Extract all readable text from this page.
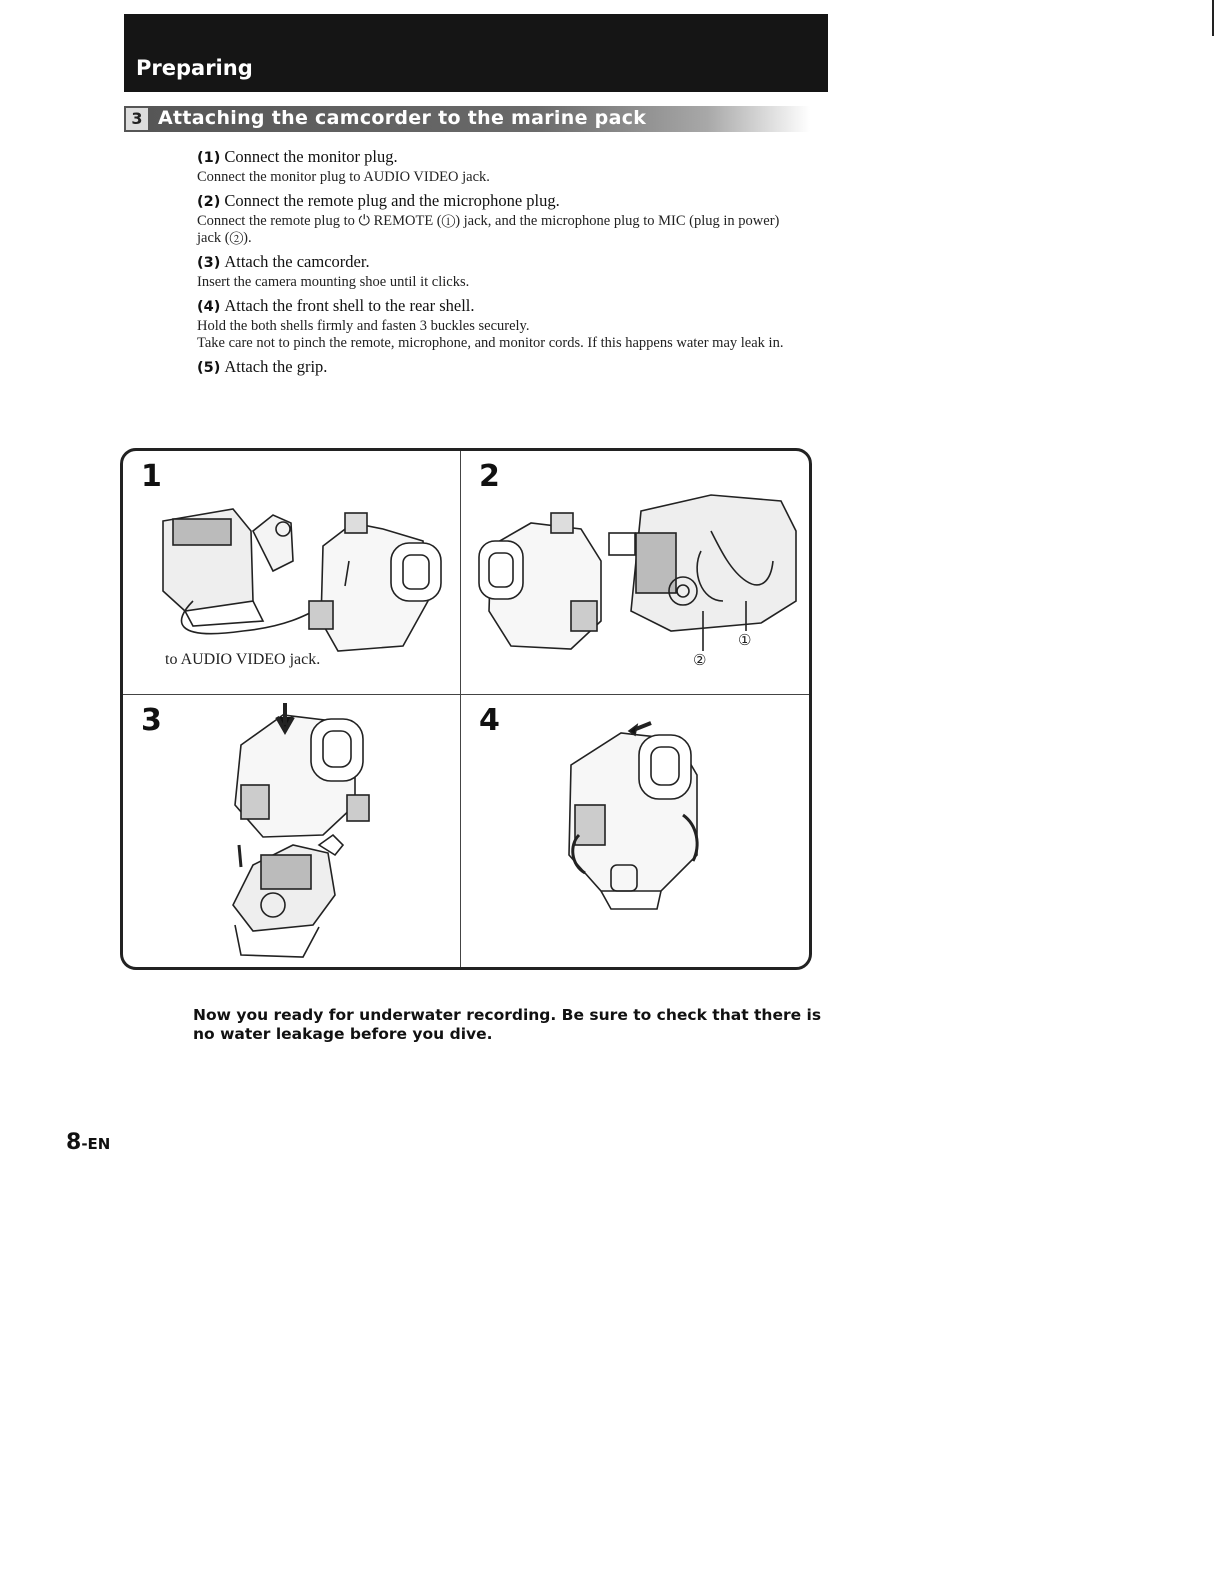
Preparing
3 Attaching the camcorder to the marine pack
(1) Connect the monitor plug.
Connect the monitor plug to AUDIO VIDEO jack.
(2) Connect the remote plug and the microphone plug.
Connect the remote plug to ⏻ REMOTE (①) jack, and the microphone plug to MIC (plug in power) jack (②).
(3) Attach the camcorder.
Insert the camera mounting shoe until it clicks.
(4) Attach the front shell to the rear shell.
Hold the both shells firmly and fasten 3 buckles securely.
Take care not to pinch the remote, microphone, and monitor cords. If this happens water may leak in.
(5) Attach the grip.
1
to AUDIO VIDEO jack.
2
①
②
3	4
Now you ready for underwater recording. Be sure to check that there is no water leakage before you dive.
8-EN
